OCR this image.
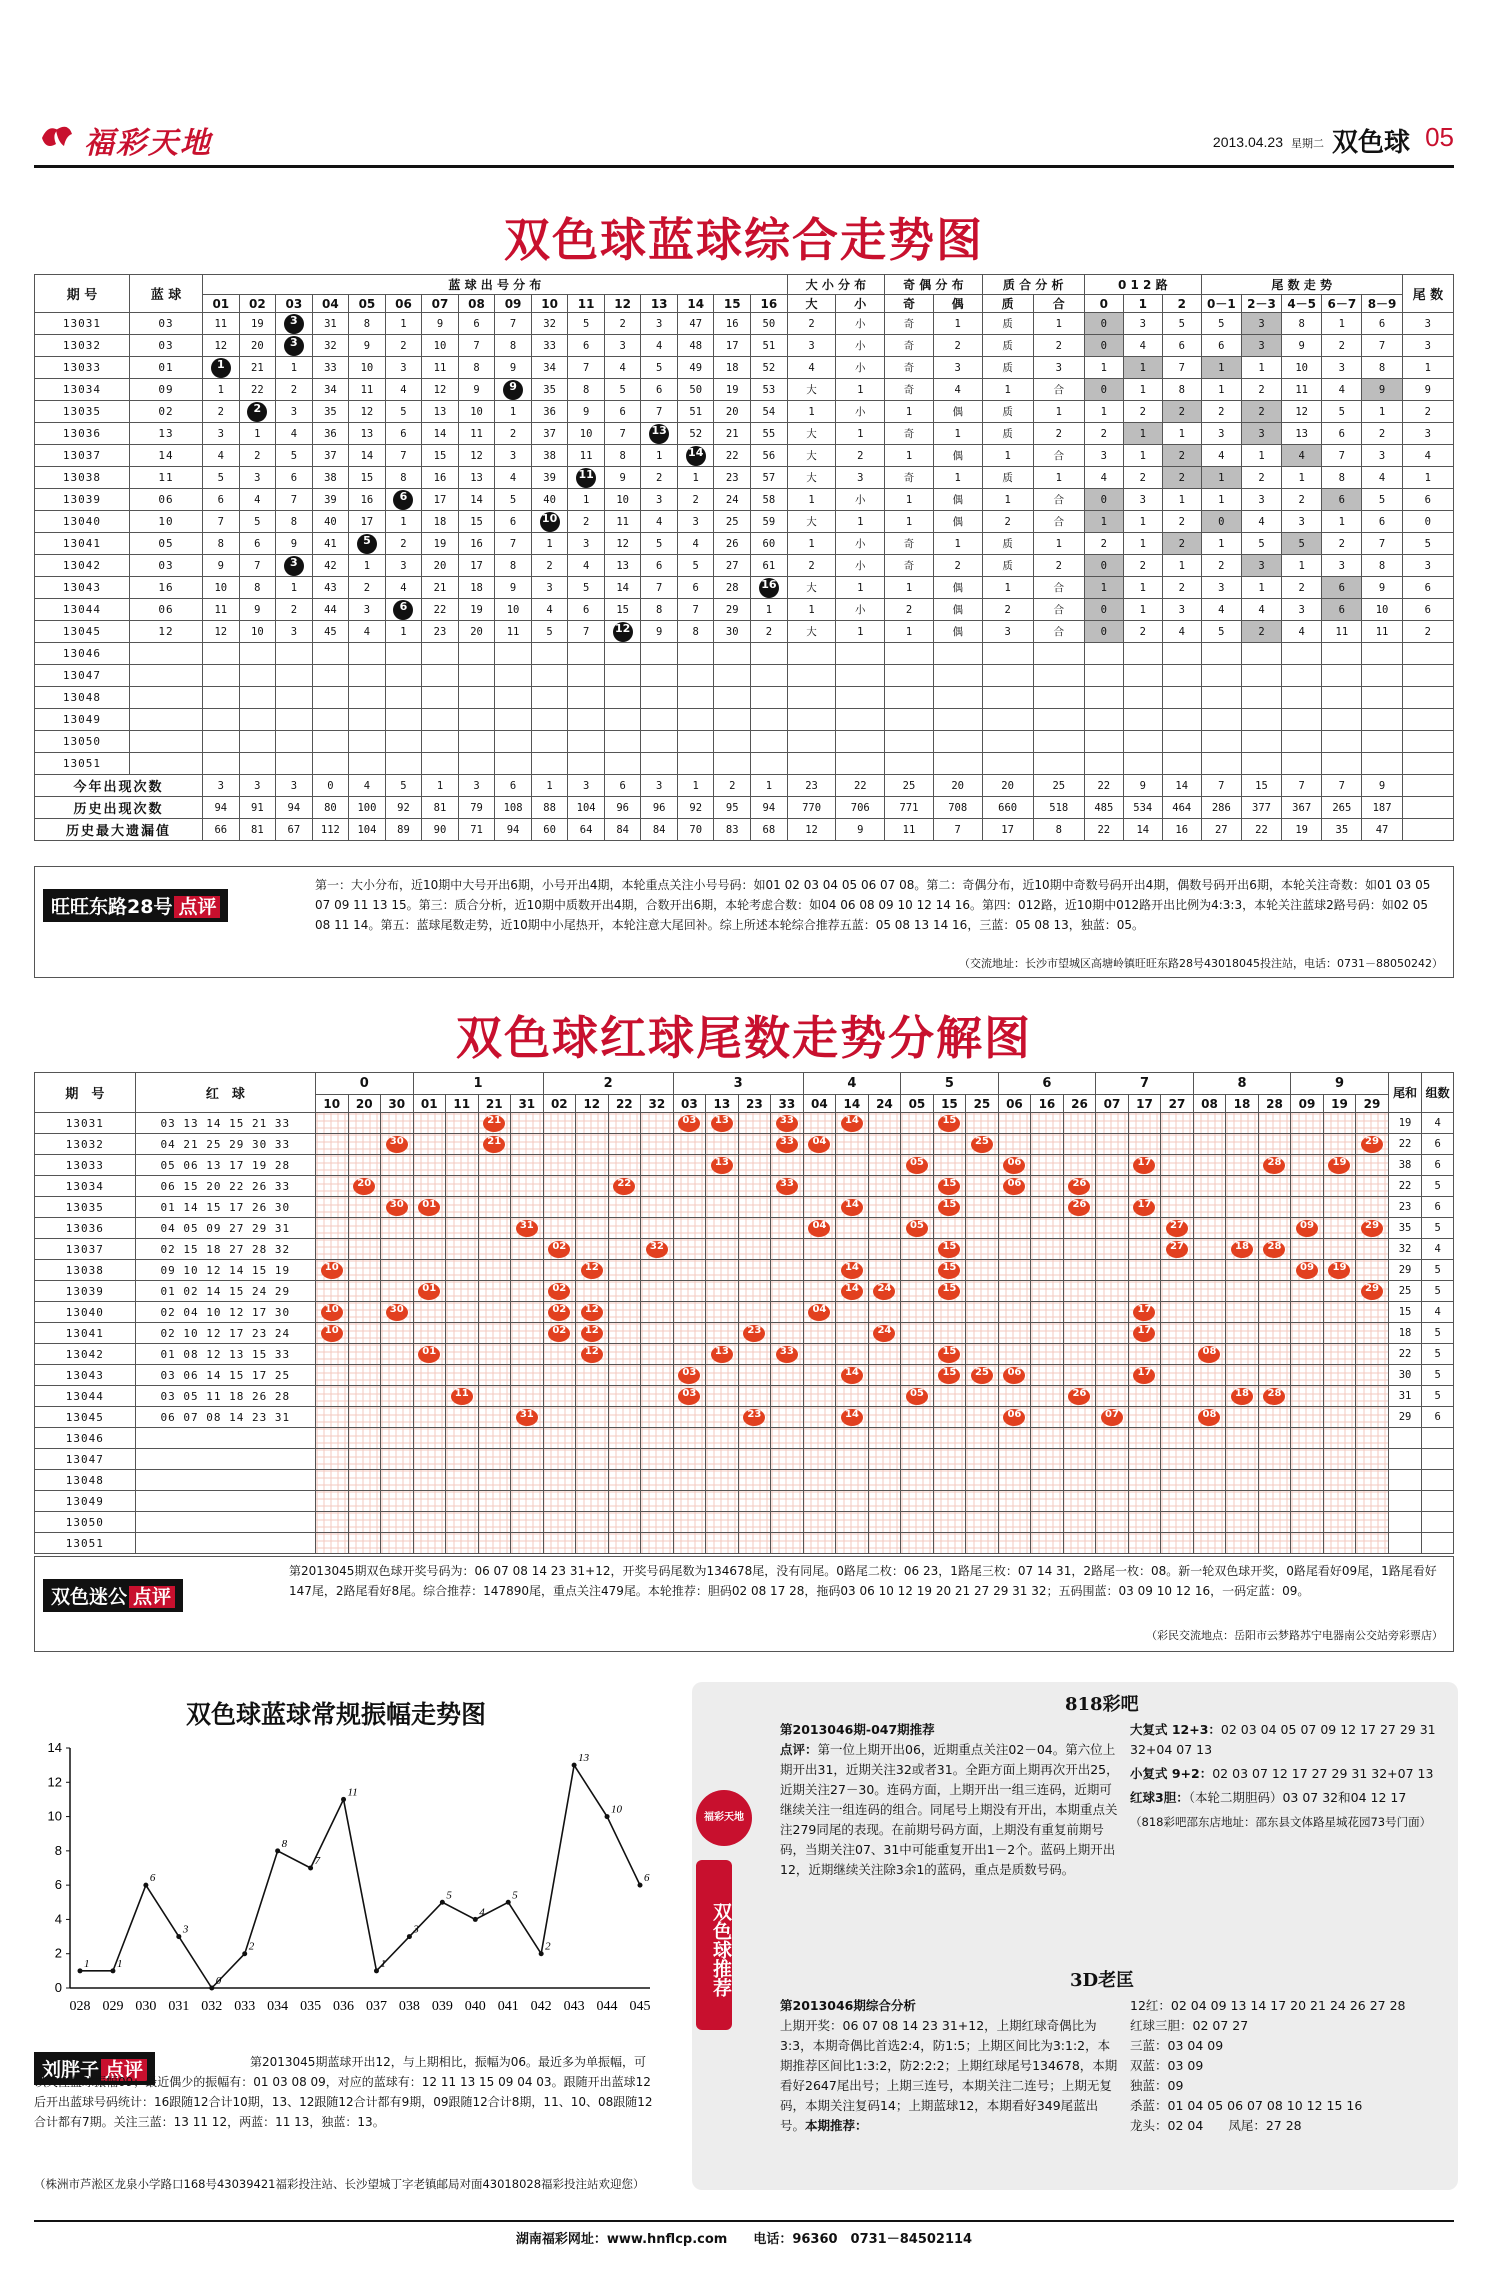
福彩天地	2013.04.23 星期二 双色球 05
双色球蓝球综合走势图
期 号	蓝 球	蓝 球 出 号 分 布																大 小 分 布		奇 偶 分 布		质 合 分 析		0 1 2 路			尾 数 走 势					尾 数
		01	02	03	04	05	06	07	08	09	10	11	12	13	14	15	16	大	小	奇	偶	质	合	0	1	2	0－1	2－3	4－5	6－7	8－9	
13031	03	11	19	3	31	8	1	9	6	7	32	5	2	3	47	16	50	2	小	奇	1	质	1	0	3	5	5	3	8	1	6	3
13032	03	12	20	3	32	9	2	10	7	8	33	6	3	4	48	17	51	3	小	奇	2	质	2	0	4	6	6	3	9	2	7	3
13033	01	1	21	1	33	10	3	11	8	9	34	7	4	5	49	18	52	4	小	奇	3	质	3	1	1	7	1	1	10	3	8	1
13034	09	1	22	2	34	11	4	12	9	9	35	8	5	6	50	19	53	大	1	奇	4	1	合	0	1	8	1	2	11	4	9	9
13035	02	2	2	3	35	12	5	13	10	1	36	9	6	7	51	20	54	1	小	1	偶	质	1	1	2	2	2	2	12	5	1	2
13036	13	3	1	4	36	13	6	14	11	2	37	10	7	13	52	21	55	大	1	奇	1	质	2	2	1	1	3	3	13	6	2	3
13037	14	4	2	5	37	14	7	15	12	3	38	11	8	1	14	22	56	大	2	1	偶	1	合	3	1	2	4	1	4	7	3	4
13038	11	5	3	6	38	15	8	16	13	4	39	11	9	2	1	23	57	大	3	奇	1	质	1	4	2	2	1	2	1	8	4	1
13039	06	6	4	7	39	16	6	17	14	5	40	1	10	3	2	24	58	1	小	1	偶	1	合	0	3	1	1	3	2	6	5	6
13040	10	7	5	8	40	17	1	18	15	6	10	2	11	4	3	25	59	大	1	1	偶	2	合	1	1	2	0	4	3	1	6	0
13041	05	8	6	9	41	5	2	19	16	7	1	3	12	5	4	26	60	1	小	奇	1	质	1	2	1	2	1	5	5	2	7	5
13042	03	9	7	3	42	1	3	20	17	8	2	4	13	6	5	27	61	2	小	奇	2	质	2	0	2	1	2	3	1	3	8	3
13043	16	10	8	1	43	2	4	21	18	9	3	5	14	7	6	28	16	大	1	1	偶	1	合	1	1	2	3	1	2	6	9	6
13044	06	11	9	2	44	3	6	22	19	10	4	6	15	8	7	29	1	1	小	2	偶	2	合	0	1	3	4	4	3	6	10	6
13045	12	12	10	3	45	4	1	23	20	11	5	7	12	9	8	30	2	大	1	1	偶	3	合	0	2	4	5	2	4	11	11	2
13046																																
13047																																
13048																																
13049																																
13050																																
13051																																
今年出现次数		3	3	3	0	4	5	1	3	6	1	3	6	3	1	2	1	23	22	25	20	20	25	22	9	14	7	15	7	7	9	
历史出现次数		94	91	94	80	100	92	81	79	108	88	104	96	96	92	95	94	770	706	771	708	660	518	485	534	464	286	377	367	265	187	
历史最大遗漏值		66	81	67	112	104	89	90	71	94	60	64	84	84	70	83	68	12	9	11	7	17	8	22	14	16	27	22	19	35	47	
旺旺东路28号 点评
第一：大小分布，近10期中大号开出6期，小号开出4期，本轮重点关注小号号码：如01 02 03 04 05 06 07 08。第二：奇偶分布，近10期中奇数号码开出4期，偶数号码开出6期，本轮关注奇数：如01 03 05 07 09 11 13 15。第三：质合分析，近10期中质数开出4期，合数开出6期，本轮考虑合数：如04 06 08 09 10 12 14 16。第四：012路，近10期中012路开出比例为4:3:3，本轮关注蓝球2路号码：如02 05 08 11 14。第五：蓝球尾数走势，近10期中小尾热开，本轮注意大尾回补。综上所述本轮综合推荐五蓝：05 08 13 14 16，三蓝：05 08 13，独蓝：05。
（交流地址：长沙市望城区高塘岭镇旺旺东路28号43018045投注站，电话：0731－88050242）
双色球红球尾数走势分解图
期　号	红　球	0			1				2				3				4			5			6			7			8			9			尾和	组数
		10	20	30	01	11	21	31	02	12	22	32	03	13	23	33	04	14	24	05	15	25	06	16	26	07	17	27	08	18	28	09	19	29		
13031	03 13 14 15 21 33						21						03	13		33		14			15														19	4
13032	04 21 25 29 30 33			30			21									33	04					25												29	22	6
13033	05 06 13 17 19 28													13						05			06				17				28		19		38	6
13034	06 15 20 22 26 33		20								22					33					15		06		26										22	5
13035	01 14 15 17 26 30			30	01													14			15				26		17								23	6
13036	04 05 09 27 29 31							31									04			05								27				09		29	35	5
13037	02 15 18 27 28 32								02			32									15							27		18	28				32	4
13038	09 10 12 14 15 19	10								12								14			15											09	19		29	5
13039	01 02 14 15 24 29				01				02									14	24		15													29	25	5
13040	02 04 10 12 17 30	10		30					02	12							04										17								15	4
13041	02 10 12 17 23 24	10							02	12					23				24								17								18	5
13042	01 08 12 13 15 33				01					12				13		33					15								08						22	5
13043	03 06 14 15 17 25												03					14			15	25	06				17								30	5
13044	03 05 11 18 26 28					11							03							05					26					18	28				31	5
13045	06 07 08 14 23 31							31							23			14					06			07			08						29	6
13046																																				
13047																																				
13048																																				
13049																																				
13050																																				
13051																																				
双色迷公 点评
第2013045期双色球开奖号码为：06 07 08 14 23 31+12，开奖号码尾数为134678尾，没有同尾。0路尾二枚：06 23，1路尾三枚：07 14 31，2路尾一枚：08。新一轮双色球开奖，0路尾看好09尾，1路尾看好147尾，2路尾看好8尾。综合推荐：147890尾，重点关注479尾。本轮推荐：胆码02 08 17 28，拖码03 06 10 12 19 20 21 27 29 31 32；五码围蓝：03 09 10 12 16，一码定蓝：09。
（彩民交流地点：岳阳市云梦路苏宁电器南公交站旁彩票店）
双色球蓝球常规振幅走势图
0
2
4
6
8
10
12
14
1 1
6
3
0
2
8
7
11
1
3
5
4
5
2
13
10
6
028 029 030 031 032 033 034 035 036 037 038 039 040 041 042 043 044 045
刘胖子 点评	第2013045期蓝球开出12，与上期相比，振幅为06。最近多为单振幅，可以关注蓝球振幅09；最近偶少的振幅有：01 03 08 09，对应的蓝球有：12 11 13 15 09 04 03。跟随开出蓝球12后开出蓝球号码统计：16跟随12合计10期，13、12跟随12合计都有9期，09跟随12合计8期，11、10、08跟随12合计都有7期。关注三蓝：13 11 12，两蓝：11 13，独蓝：13。
（株洲市芦淞区龙泉小学路口168号43039421福彩投注站、长沙望城丁字老镇邮局对面43018028福彩投注站欢迎您）
818彩吧
福彩天地
双色球推荐
第2013046期-047期推荐
点评：第一位上期开出06，近期重点关注02－04。第六位上期开出31，近期关注32或者31。全距方面上期再次开出25，近期关注27－30。连码方面，上期开出一组三连码，近期可继续关注一组连码的组合。同尾号上期没有开出，本期重点关注279同尾的表现。在前期号码方面，上期没有重复前期号码，当期关注07、31中可能重复开出1－2个。蓝码上期开出12，近期继续关注除3余1的蓝码，重点是质数号码。
大复式 12+3：02 03 04 05 07 09 12 17 27 29 31 32+04 07 13
小复式 9+2：02 03 07 12 17 27 29 31 32+07 13
红球3胆：（本轮二期胆码）03 07 32和04 12 17
（818彩吧邵东店地址：邵东县文体路星城花园73号门面）
3D老匡
第2013046期综合分析
上期开奖：06 07 08 14 23 31+12，上期红球奇偶比为3:3，本期奇偶比首选2:4，防1:5；上期区间比为3:1:2，本期推荐区间比1:3:2，防2:2:2；上期红球尾号134678，本期看好2647尾出号；上期三连号，本期关注二连号；上期无复码，本期关注复码14；上期蓝球12，本期看好349尾蓝出号。本期推荐：
12红：02 04 09 13 14 17 20 21 24 26 27 28
红球三胆：02 07 27
三蓝：03 04 09
双蓝：03 09
独蓝：09
杀蓝：01 04 05 06 07 08 10 12 15 16
龙头：02 04　　 凤尾：27 28
湖南福彩网址：www.hnflcp.com　　电话：96360　0731－84502114
